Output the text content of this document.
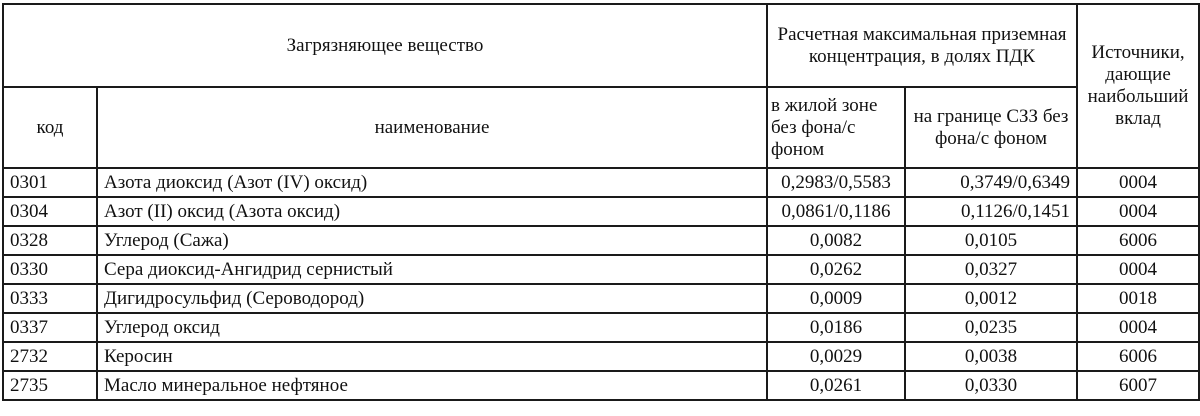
Загрязняющее вещество		Расчетная максимальная приземная концентрация, в долях ПДК		Источники, дающие наибольший вклад
код	наименование	в жилой зоне без фона/с фоном	на границе СЗЗ без фона/с фоном	
0301	Азота диоксид (Азот (IV) оксид)	0,2983/0,5583	0,3749/0,6349	0004
0304	Азот (II) оксид (Азота оксид)	0,0861/0,1186	0,1126/0,1451	0004
0328	Углерод (Сажа)	0,0082	0,0105	6006
0330	Сера диоксид-Ангидрид сернистый	0,0262	0,0327	0004
0333	Дигидросульфид (Сероводород)	0,0009	0,0012	0018
0337	Углерод оксид	0,0186	0,0235	0004
2732	Керосин	0,0029	0,0038	6006
2735	Масло минеральное нефтяное	0,0261	0,0330	6007
